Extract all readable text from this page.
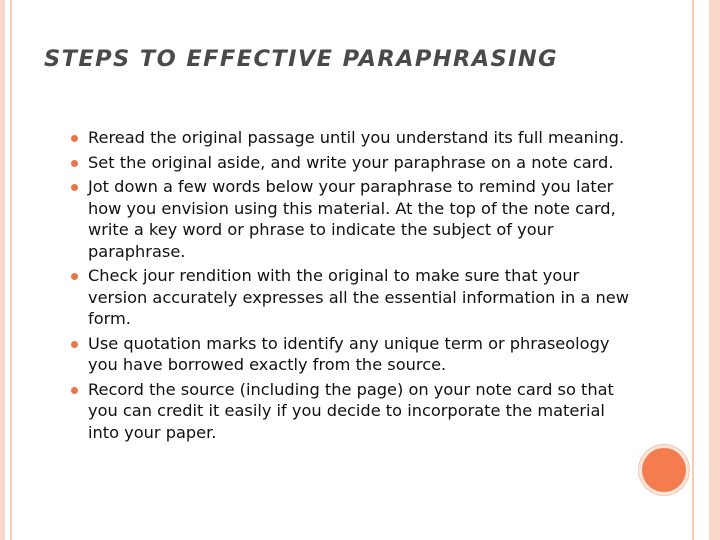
STEPS TO EFFECTIVE PARAPHRASING
Reread the original passage until you understand its full meaning.
Set the original aside, and write your paraphrase on a note card.
Jot down a few words below your paraphrase to remind you later how you envision using this material. At the top of the note card, write a key word or phrase to indicate the subject of your paraphrase.
Check jour rendition with the original to make sure that your version accurately expresses all the essential information in a new form.
Use quotation marks to identify any unique term or phraseology you have borrowed exactly from the source.
Record the source (including the page) on your note card so that you can credit it easily if you decide to incorporate the material into your paper.
